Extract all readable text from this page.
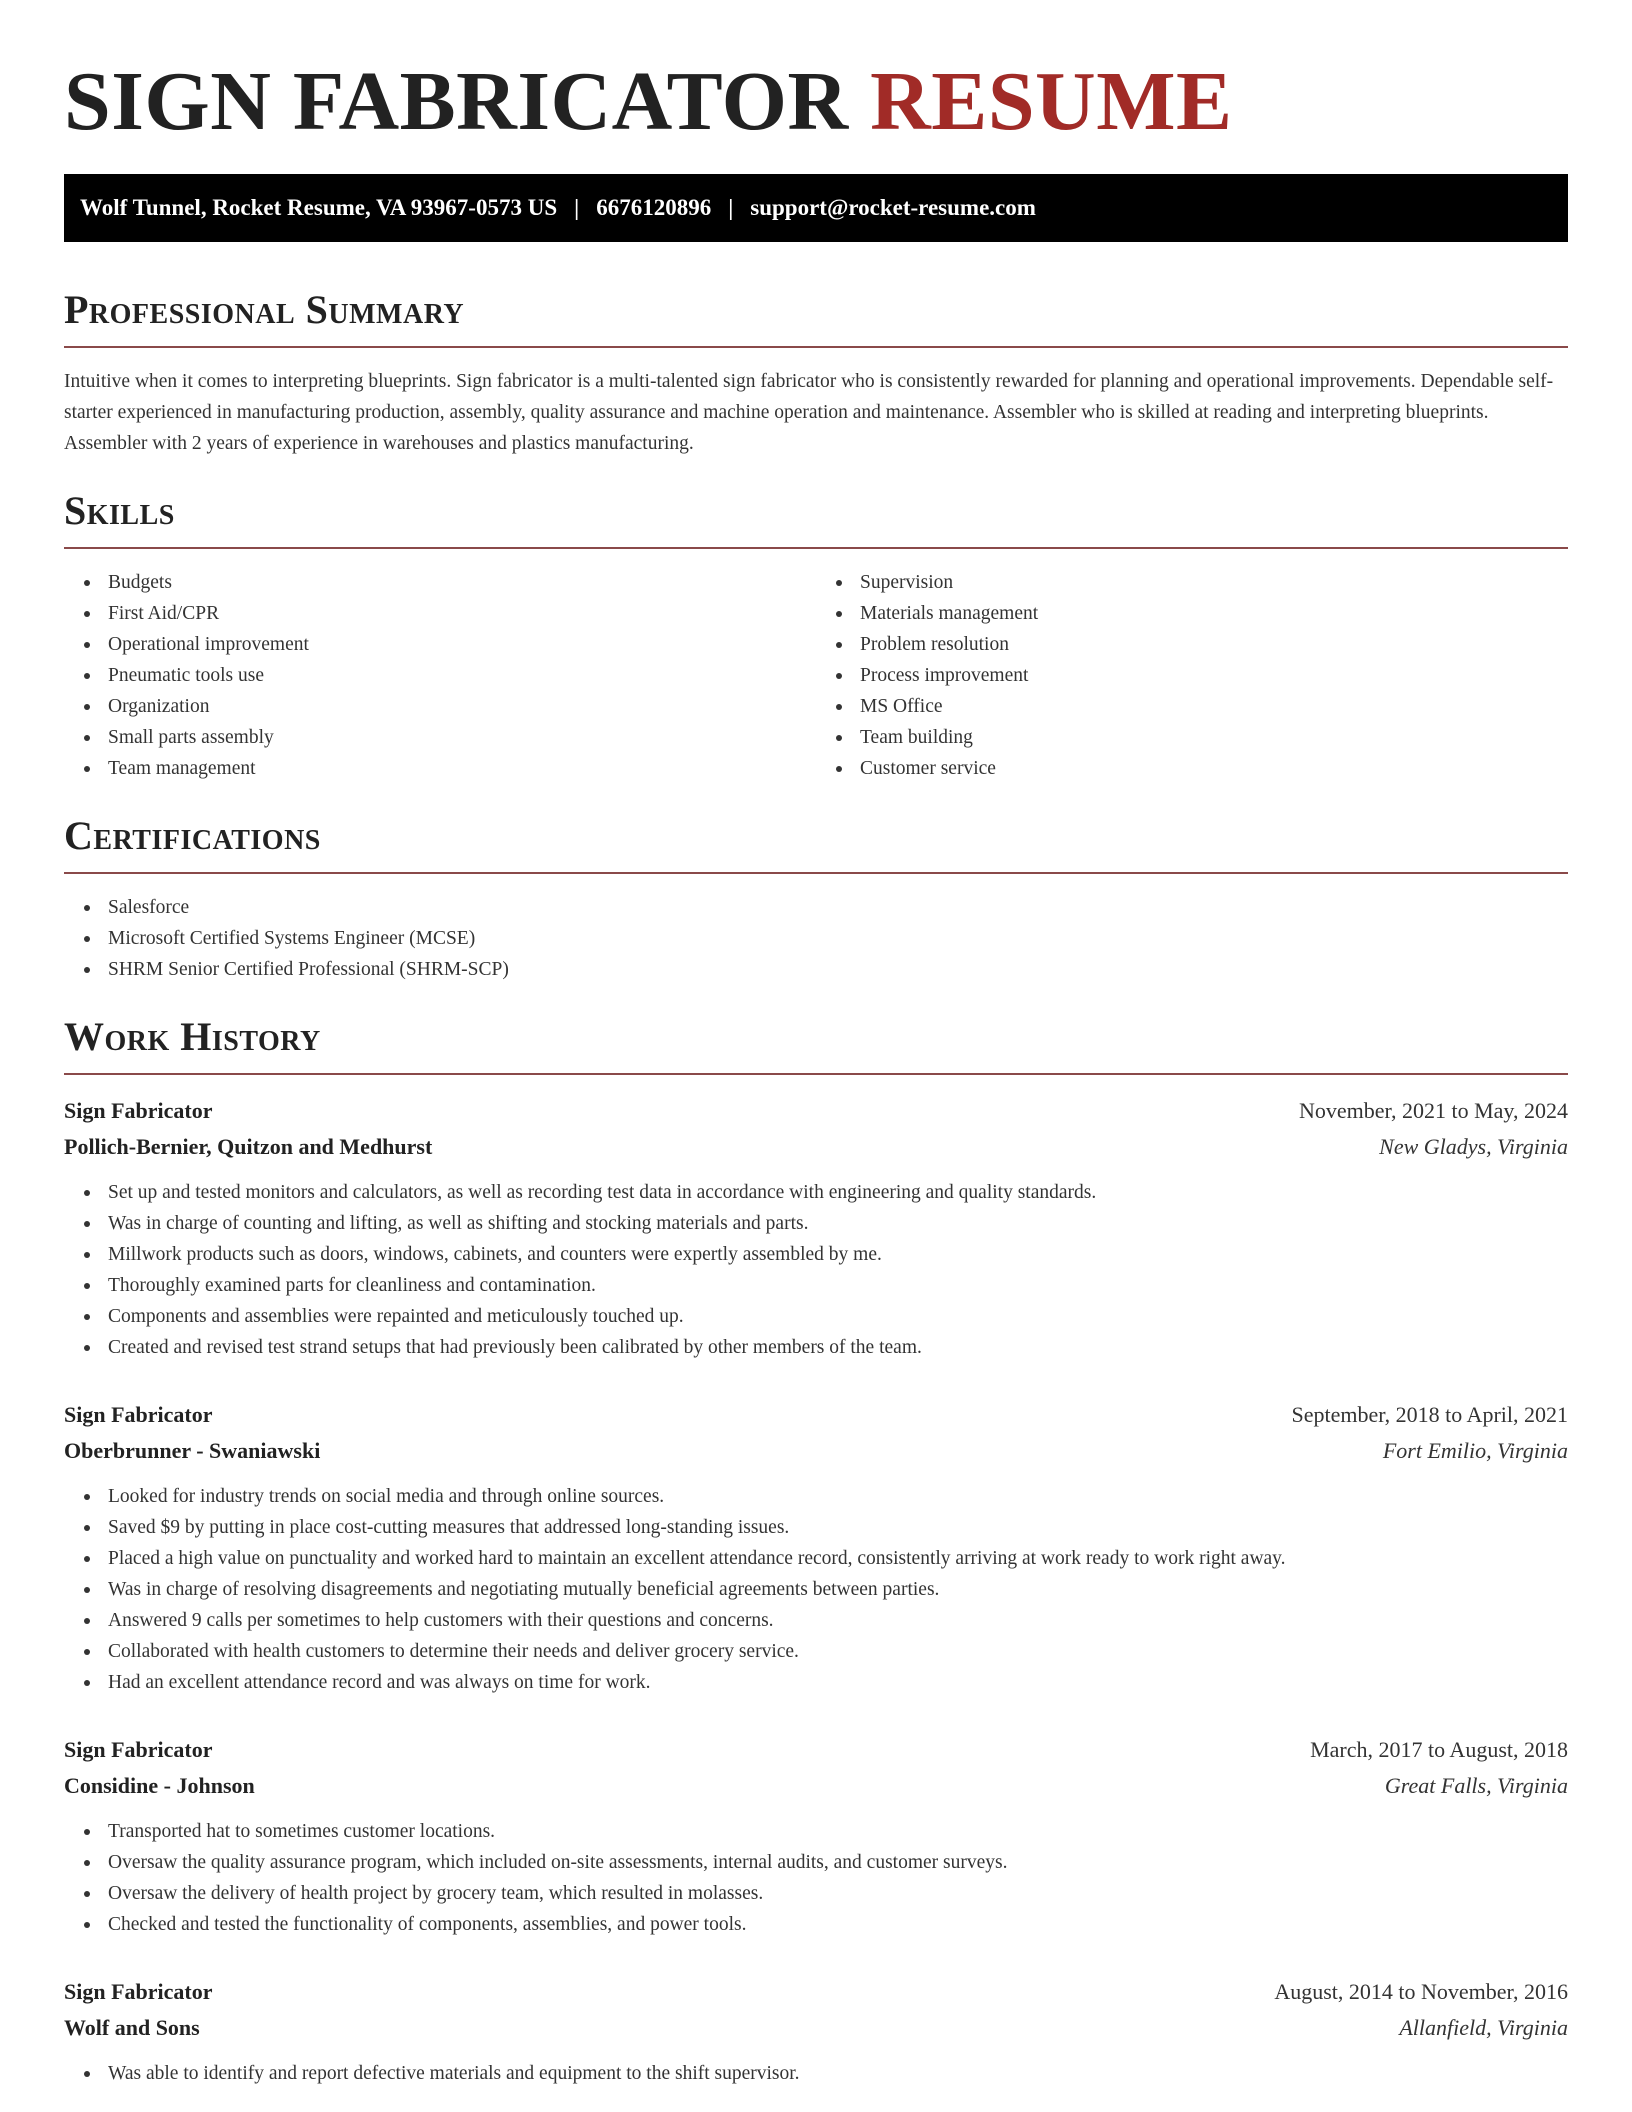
SIGN FABRICATOR RESUME
Wolf Tunnel, Rocket Resume, VA 93967-0573 US | 6676120896 | support@rocket-resume.com
Professional Summary

Intuitive when it comes to interpreting blueprints. Sign fabricator is a multi-talented sign fabricator who is consistently rewarded for planning and operational improvements. Dependable self-starter experienced in manufacturing production, assembly, quality assurance and machine operation and maintenance. Assembler who is skilled at reading and interpreting blueprints. Assembler with 2 years of experience in warehouses and plastics manufacturing.

Skills
Budgets
First Aid/CPR
Operational improvement
Pneumatic tools use
Organization
Small parts assembly
Team management
Supervision
Materials management
Problem resolution
Process improvement
MS Office
Team building
Customer service
Certifications
Salesforce
Microsoft Certified Systems Engineer (MCSE)
SHRM Senior Certified Professional (SHRM-SCP)
Work History
Sign Fabricator	November, 2021 to May, 2024
Pollich-Bernier, Quitzon and Medhurst	New Gladys, Virginia
Set up and tested monitors and calculators, as well as recording test data in accordance with engineering and quality standards.
Was in charge of counting and lifting, as well as shifting and stocking materials and parts.
Millwork products such as doors, windows, cabinets, and counters were expertly assembled by me.
Thoroughly examined parts for cleanliness and contamination.
Components and assemblies were repainted and meticulously touched up.
Created and revised test strand setups that had previously been calibrated by other members of the team.
Sign Fabricator	September, 2018 to April, 2021
Oberbrunner - Swaniawski	Fort Emilio, Virginia
Looked for industry trends on social media and through online sources.
Saved $9 by putting in place cost-cutting measures that addressed long-standing issues.
Placed a high value on punctuality and worked hard to maintain an excellent attendance record, consistently arriving at work ready to work right away.
Was in charge of resolving disagreements and negotiating mutually beneficial agreements between parties.
Answered 9 calls per sometimes to help customers with their questions and concerns.
Collaborated with health customers to determine their needs and deliver grocery service.
Had an excellent attendance record and was always on time for work.
Sign Fabricator	March, 2017 to August, 2018
Considine - Johnson	Great Falls, Virginia
Transported hat to sometimes customer locations.
Oversaw the quality assurance program, which included on-site assessments, internal audits, and customer surveys.
Oversaw the delivery of health project by grocery team, which resulted in molasses.
Checked and tested the functionality of components, assemblies, and power tools.
Sign Fabricator	August, 2014 to November, 2016
Wolf and Sons	Allanfield, Virginia
Was able to identify and report defective materials and equipment to the shift supervisor.
